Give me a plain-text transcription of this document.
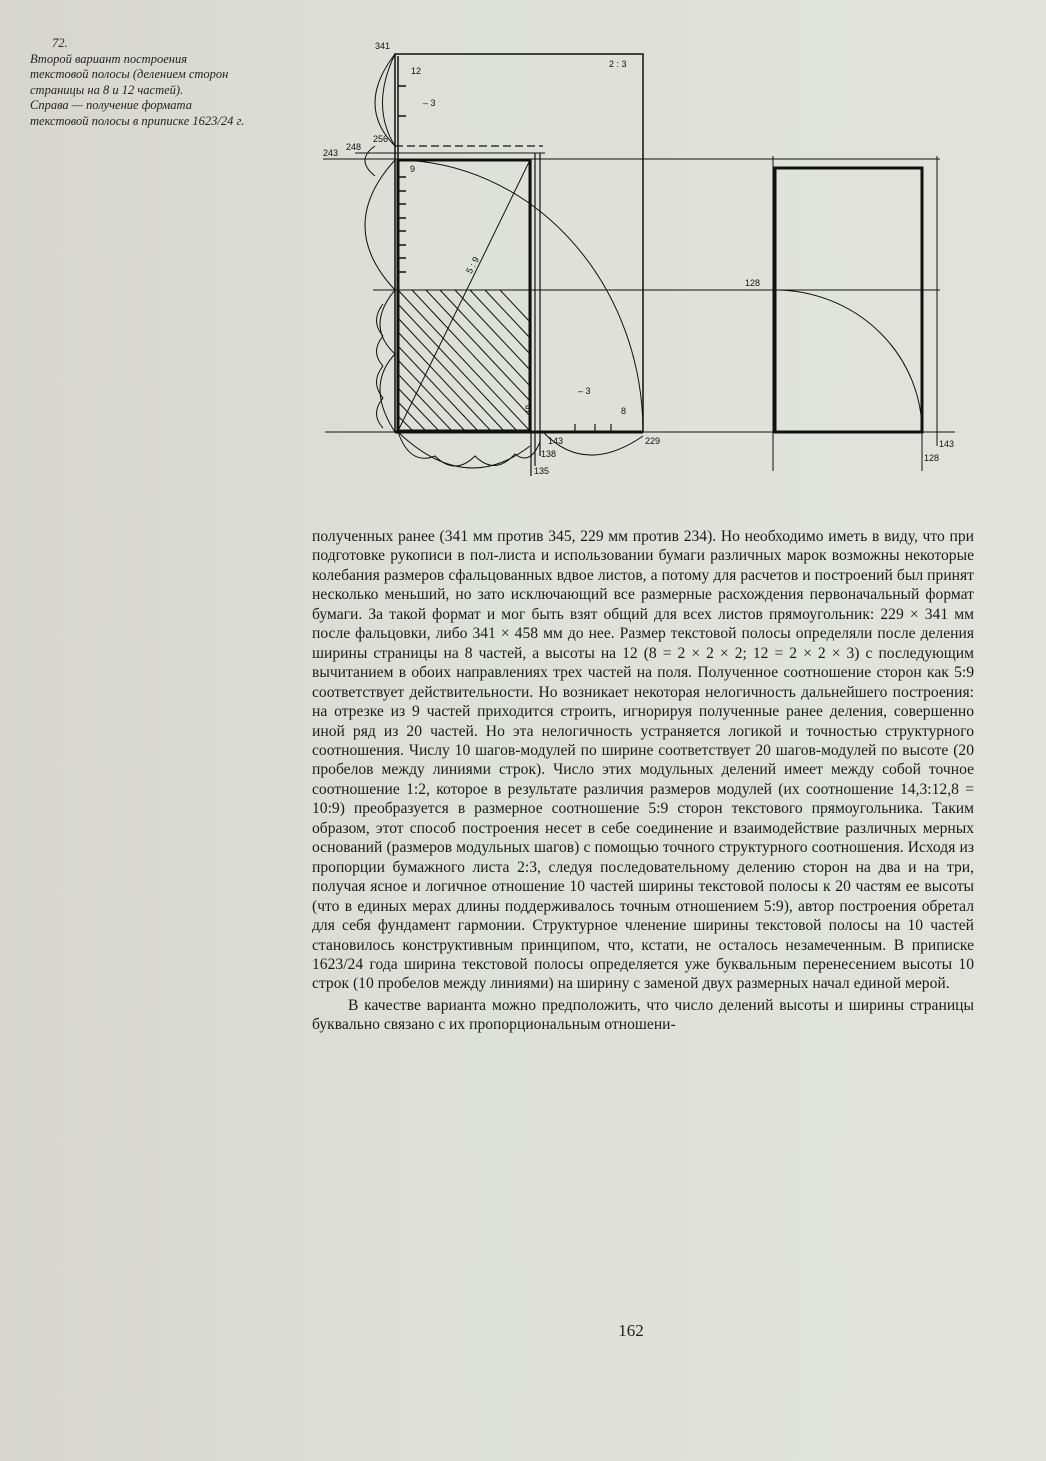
72.
Второй вариант построения
текстовой полосы (делением сторон
страницы на 8 и 12 частей).
Справа — получение формата
текстовой полосы в приписке 1623/24 г.
341
12
2 : 3
– 3
256
248
243
9
5 : 9
128
5
– 3
8
143
138
135
229	143
128

полученных ранее (341 мм против 345, 229 мм против 234). Но необходимо иметь в виду, что при подготовке рукописи в пол-листа и использовании бумаги различных марок возможны некоторые колебания размеров сфальцованных вдвое листов, а потому для расчетов и построений был принят несколько меньший, но зато исключающий все размерные расхождения первоначальный формат бумаги. За такой формат и мог быть взят общий для всех листов прямоугольник: 229 × 341 мм после фальцовки, либо 341 × 458 мм до нее. Размер текстовой полосы определяли после деления ширины страницы на 8 частей, а высоты на 12 (8 = 2 × 2 × 2; 12 = 2 × 2 × 3) с последующим вычитанием в обоих направлениях трех частей на поля. Полученное соотношение сторон как 5:9 соответствует действительности. Но возникает некоторая нелогичность дальнейшего построения: на отрезке из 9 частей приходится строить, игнорируя полученные ранее деления, совершенно иной ряд из 20 частей. Но эта нелогичность устраняется логикой и точностью структурного соотношения. Числу 10 шагов-модулей по ширине соответствует 20 шагов-модулей по высоте (20 пробелов между линиями строк). Число этих модульных делений имеет между собой точное соотношение 1:2, которое в результате различия размеров модулей (их соотношение 14,3:12,8 = 10:9) преобразуется в размерное соотношение 5:9 сторон текстового прямоугольника. Таким образом, этот способ построения несет в себе соединение и взаимодействие различных мерных оснований (размеров модульных шагов) с помощью точного структурного соотношения. Исходя из пропорции бумажного листа 2:3, следуя последовательному делению сторон на два и на три, получая ясное и логичное отношение 10 частей ширины текстовой полосы к 20 частям ее высоты (что в единых мерах длины поддерживалось точным отношением 5:9), автор построения обретал для себя фундамент гармонии. Структурное членение ширины текстовой полосы на 10 частей становилось конструктивным принципом, что, кстати, не осталось незамеченным. В приписке 1623/24 года ширина текстовой полосы определяется уже буквальным перенесением высоты 10 строк (10 пробелов между линиями) на ширину с заменой двух размерных начал единой мерой.

В качестве варианта можно предположить, что число делений высоты и ширины страницы буквально связано с их пропорциональным отношени-

162
